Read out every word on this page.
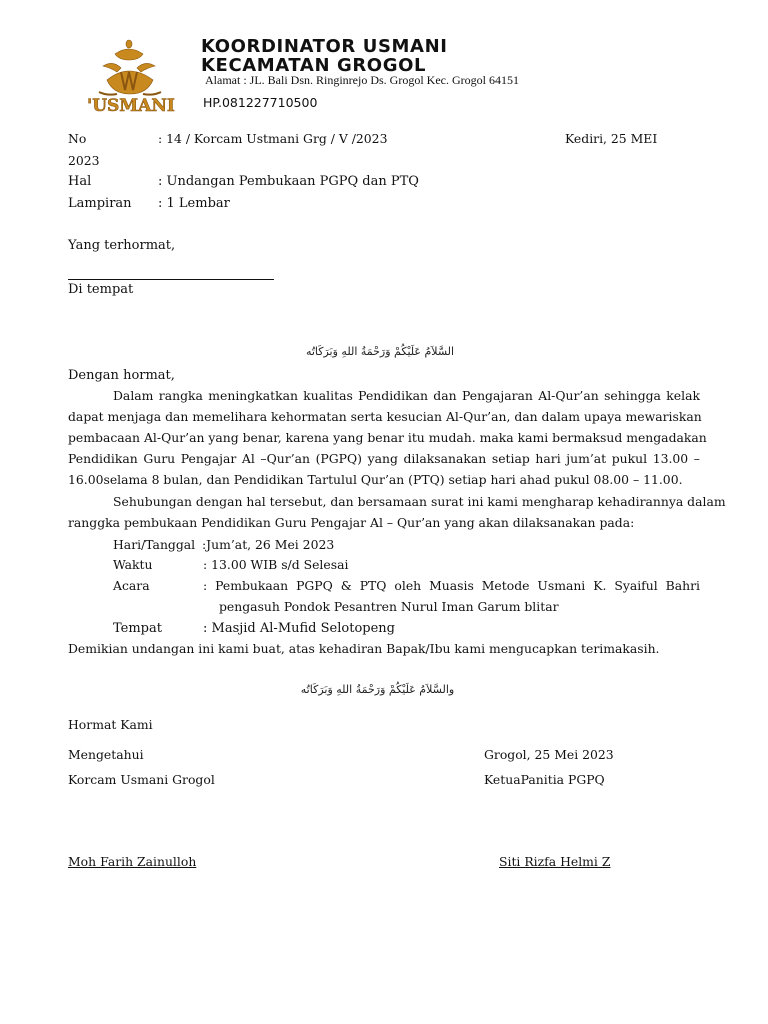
'USMANI
KOORDINATOR USMANI
KECAMATAN GROGOL
Alamat : JL. Bali Dsn. Ringinrejo Ds. Grogol Kec. Grogol 64151
HP.081227710500
No	: 14 / Korcam Ustmani Grg / V /2023	Kediri, 25 MEI
2023
Hal	: Undangan Pembukaan PGPQ dan PTQ
Lampiran : 1 Lembar
Yang terhormat,
Di tempat
السَّلاَمُ عَلَيْكُمْ وَرَحْمَةُ اللهِ وَبَرَكَاتُه
Dengan hormat,
Dalam rangka meningkatkan kualitas Pendidikan dan Pengajaran Al-Qur’an sehingga kelak
dapat menjaga dan memelihara kehormatan serta kesucian Al-Qur’an, dan dalam upaya mewariskan
pembacaan Al-Qur’an yang benar, karena yang benar itu mudah. maka kami bermaksud mengadakan
Pendidikan Guru Pengajar Al –Qur’an (PGPQ) yang dilaksanakan setiap hari jum’at pukul 13.00 –
16.00selama 8 bulan, dan Pendidikan Tartulul Qur’an (PTQ) setiap hari ahad pukul 08.00 – 11.00.
Sehubungan dengan hal tersebut, dan bersamaan surat ini kami mengharap kehadirannya dalam
ranggka pembukaan Pendidikan Guru Pengajar Al – Qur’an yang akan dilaksanakan pada:
Hari/Tanggal :Jum’at, 26 Mei 2023
Waktu	: 13.00 WIB s/d Selesai
Acara	: Pembukaan PGPQ & PTQ oleh Muasis Metode Usmani K. Syaiful Bahri
pengasuh Pondok Pesantren Nurul Iman Garum blitar
Tempat	: Masjid Al-Mufid Selotopeng
Demikian undangan ini kami buat, atas kehadiran Bapak/Ibu kami mengucapkan terimakasih.
والسَّلاَمُ عَلَيْكُمْ وَرَحْمَةُ اللهِ وَبَرَكَاتُه
Hormat Kami
Mengetahui
Korcam Usmani Grogol
Grogol, 25 Mei 2023
KetuaPanitia PGPQ
Moh Farih Zainulloh	Siti Rizfa Helmi Z
